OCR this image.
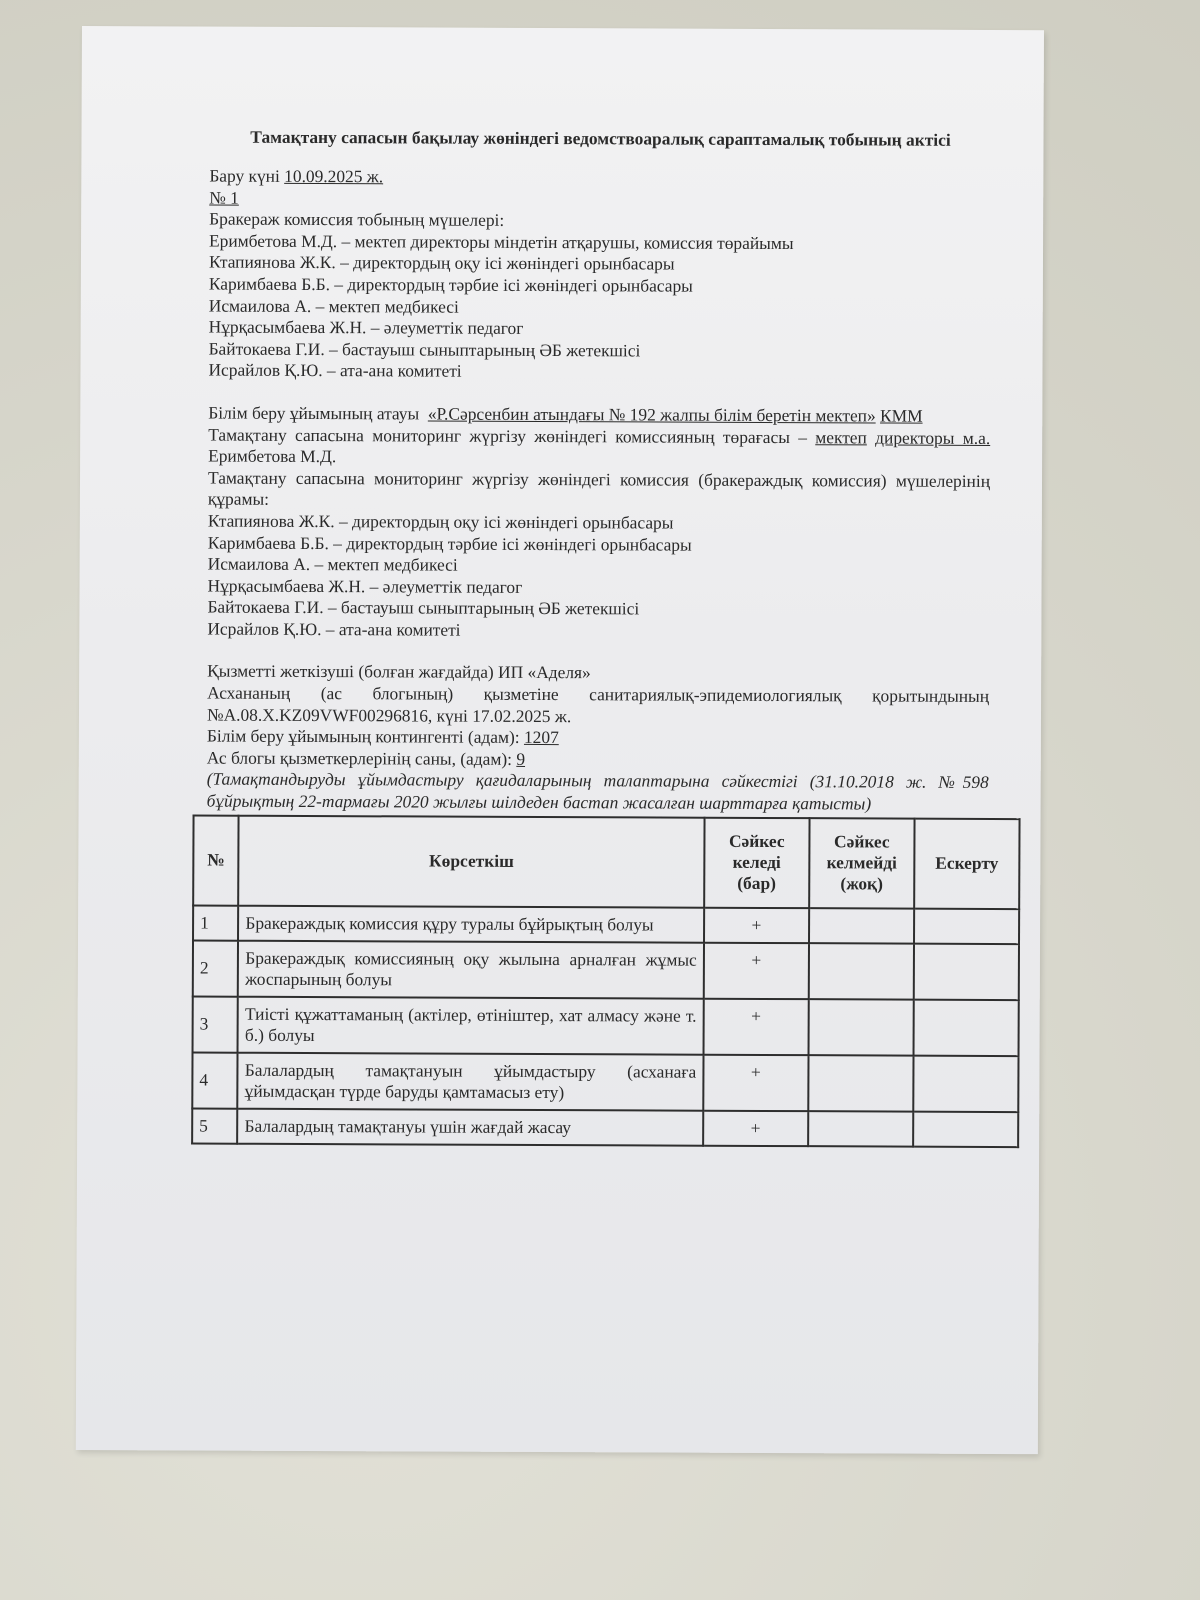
Тамақтану сапасын бақылау жөніндегі ведомствоаралық сараптамалық тобының актісі
Бару күні 10.09.2025 ж.
№ 1
Бракераж комиссия тобының мүшелері:
Еримбетова М.Д. – мектеп директоры міндетін атқарушы, комиссия төрайымы
Ктапиянова Ж.К. – директордың оқу ісі жөніндегі орынбасары
Каримбаева Б.Б. – директордың тәрбие ісі жөніндегі орынбасары
Исмаилова А. – мектеп медбикесі
Нұрқасымбаева Ж.Н. – әлеуметтік педагог
Байтокаева Г.И. – бастауыш сыныптарының ӘБ жетекшісі
Исрайлов Қ.Ю. – ата-ана комитеті
Білім беру ұйымының атауы «Р.Сәрсенбин атындағы № 192 жалпы білім беретін мектеп» КММ
Тамақтану сапасына мониторинг жүргізу жөніндегі комиссияның төрағасы – мектеп директоры м.а. Еримбетова М.Д.
Тамақтану сапасына мониторинг жүргізу жөніндегі комиссия (бракераждық комиссия) мүшелерінің құрамы:
Ктапиянова Ж.К. – директордың оқу ісі жөніндегі орынбасары
Каримбаева Б.Б. – директордың тәрбие ісі жөніндегі орынбасары
Исмаилова А. – мектеп медбикесі
Нұрқасымбаева Ж.Н. – әлеуметтік педагог
Байтокаева Г.И. – бастауыш сыныптарының ӘБ жетекшісі
Исрайлов Қ.Ю. – ата-ана комитеті
Қызметті жеткізуші (болған жағдайда) ИП «Аделя»
Асхананың (ас блогының) қызметіне санитариялық-эпидемиологиялық қорытындының №А.08.Х.KZ09VWF00296816, күні 17.02.2025 ж.
Білім беру ұйымының контингенті (адам): 1207
Ас блогы қызметкерлерінің саны, (адам): 9
(Тамақтандыруды ұйымдастыру қағидаларының талаптарына сәйкестігі (31.10.2018 ж. №598 бұйрықтың 22-тармағы 2020 жылғы шілдеден бастап жасалған шарттарға қатысты)
№	Көрсеткіш	Сәйкес келеді (бар)	Сәйкес келмейді (жоқ)	Ескерту
1	Бракераждық комиссия құру туралы бұйрықтың болуы	+		
2	Бракераждық комиссияның оқу жылына арналған жұмыс жоспарының болуы	+		
3	Тиісті құжаттаманың (актілер, өтініштер, хат алмасу және т. б.) болуы	+		
4	Балалардың тамақтануын ұйымдастыру (асханаға ұйымдасқан түрде баруды қамтамасыз ету)	+		
5	Балалардың тамақтануы үшін жағдай жасау	+		
